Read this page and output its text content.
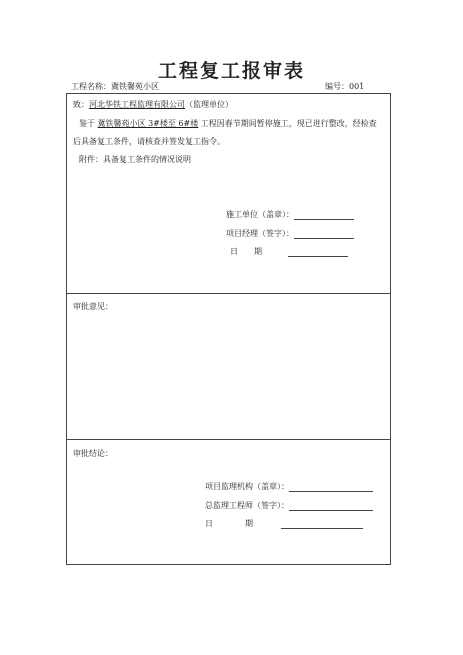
工程复工报审表
工程名称：冀铁馨苑小区	编号：001
致：河北华铁工程监理有限公司（监理单位）
鉴于 冀铁馨苑小区 3#楼至 6#楼 工程因春节期间暂停施工，现已进行整改，经检查
后具备复工条件，请核查并签发复工指令。
附件：具备复工条件的情况说明
施工单位（盖章）：
项目经理（签字）：
日　　期
审批意见：
审批结论：
项目监理机构（盖章）：
总监理工程师（签字）：
日　　　　期
